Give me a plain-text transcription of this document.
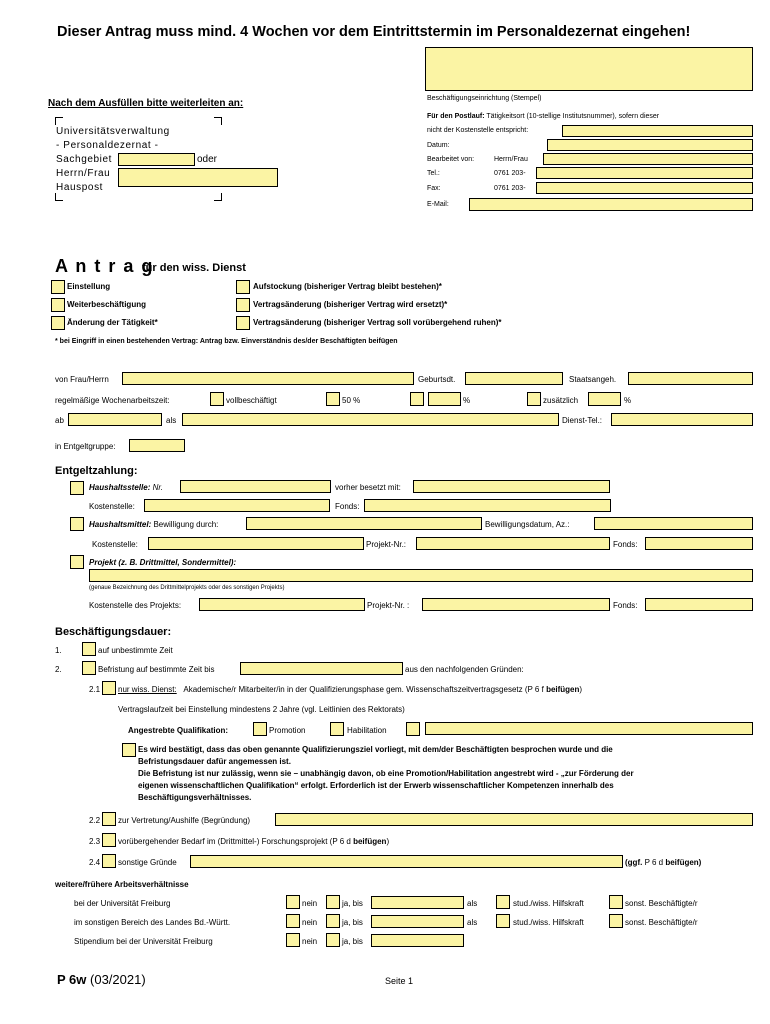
Dieser Antrag muss mind. 4 Wochen vor dem Eintrittstermin im Personaldezernat eingehen!
Beschäftigungseinrichtung (Stempel)
Nach dem Ausfüllen bitte weiterleiten an:
Universitätsverwaltung
- Personaldezernat -
Sachgebiet	oder
Herrn/Frau
Hauspost
Für den Postlauf: Tätigkeitsort (10-stellige Institutsnummer), sofern dieser
nicht der Kostenstelle entspricht:
Datum:
Bearbeitet von:	Herrn/Frau
Tel.:	0761 203-
Fax:	0761 203-
E-Mail:
A n t r a g
für den wiss. Dienst
Einstellung
Weiterbeschäftigung
Änderung der Tätigkeit*
Aufstockung (bisheriger Vertrag bleibt bestehen)*
Vertragsänderung (bisheriger Vertrag wird ersetzt)*
Vertragsänderung (bisheriger Vertrag soll vorübergehend ruhen)*
* bei Eingriff in einen bestehenden Vertrag: Antrag bzw. Einverständnis des/der Beschäftigten beifügen
von Frau/Herrn	Geburtsdt.	Staatsangeh.
regelmäßige Wochenarbeitszeit:	vollbeschäftigt	50 %	%	zusätzlich	%
ab	als	Dienst-Tel.:
in Entgeltgruppe:
Entgeltzahlung:
Haushaltsstelle: Nr.	vorher besetzt mit:
Kostenstelle:	Fonds:
Haushaltsmittel: Bewilligung durch:	Bewilligungsdatum, Az.:
Kostenstelle:	Projekt-Nr.:	Fonds:
Projekt (z. B. Drittmittel, Sondermittel):
(genaue Bezeichnung des Drittmittelprojekts oder des sonstigen Projekts)
Kostenstelle des Projekts:	Projekt-Nr. :	Fonds:
Beschäftigungsdauer:
1.	auf unbestimmte Zeit
2.	Befristung auf bestimmte Zeit bis	aus den nachfolgenden Gründen:
2.1 nur wiss. Dienst: Akademische/r Mitarbeiter/in in der Qualifizierungsphase gem. Wissenschaftszeitvertragsgesetz (P 6 f beifügen)
Vertragslaufzeit bei Einstellung mindestens 2 Jahre (vgl. Leitlinien des Rektorats)
Angestrebte Qualifikation:	Promotion	Habilitation
Es wird bestätigt, dass das oben genannte Qualifizierungsziel vorliegt, mit dem/der Beschäftigten besprochen wurde und die
Befristungsdauer dafür angemessen ist.
Die Befristung ist nur zulässig, wenn sie – unabhängig davon, ob eine Promotion/Habilitation angestrebt wird - „zur Förderung der
eigenen wissenschaftlichen Qualifikation“ erfolgt. Erforderlich ist der Erwerb wissenschaftlicher Kompetenzen innerhalb des
Beschäftigungsverhältnisses.
2.2 zur Vertretung/Aushilfe (Begründung)
2.3 vorübergehender Bedarf im (Drittmittel-) Forschungsprojekt (P 6 d beifügen)
2.4 sonstige Gründe	(ggf. P 6 d beifügen)
weitere/frühere Arbeitsverhältnisse
bei der Universität Freiburg	nein	ja, bis	als	stud./wiss. Hilfskraft	sonst. Beschäftigte/r
im sonstigen Bereich des Landes Bd.-Württ.	nein	ja, bis	als	stud./wiss. Hilfskraft	sonst. Beschäftigte/r
Stipendium bei der Universität Freiburg	nein	ja, bis
P 6w (03/2021)	Seite 1
